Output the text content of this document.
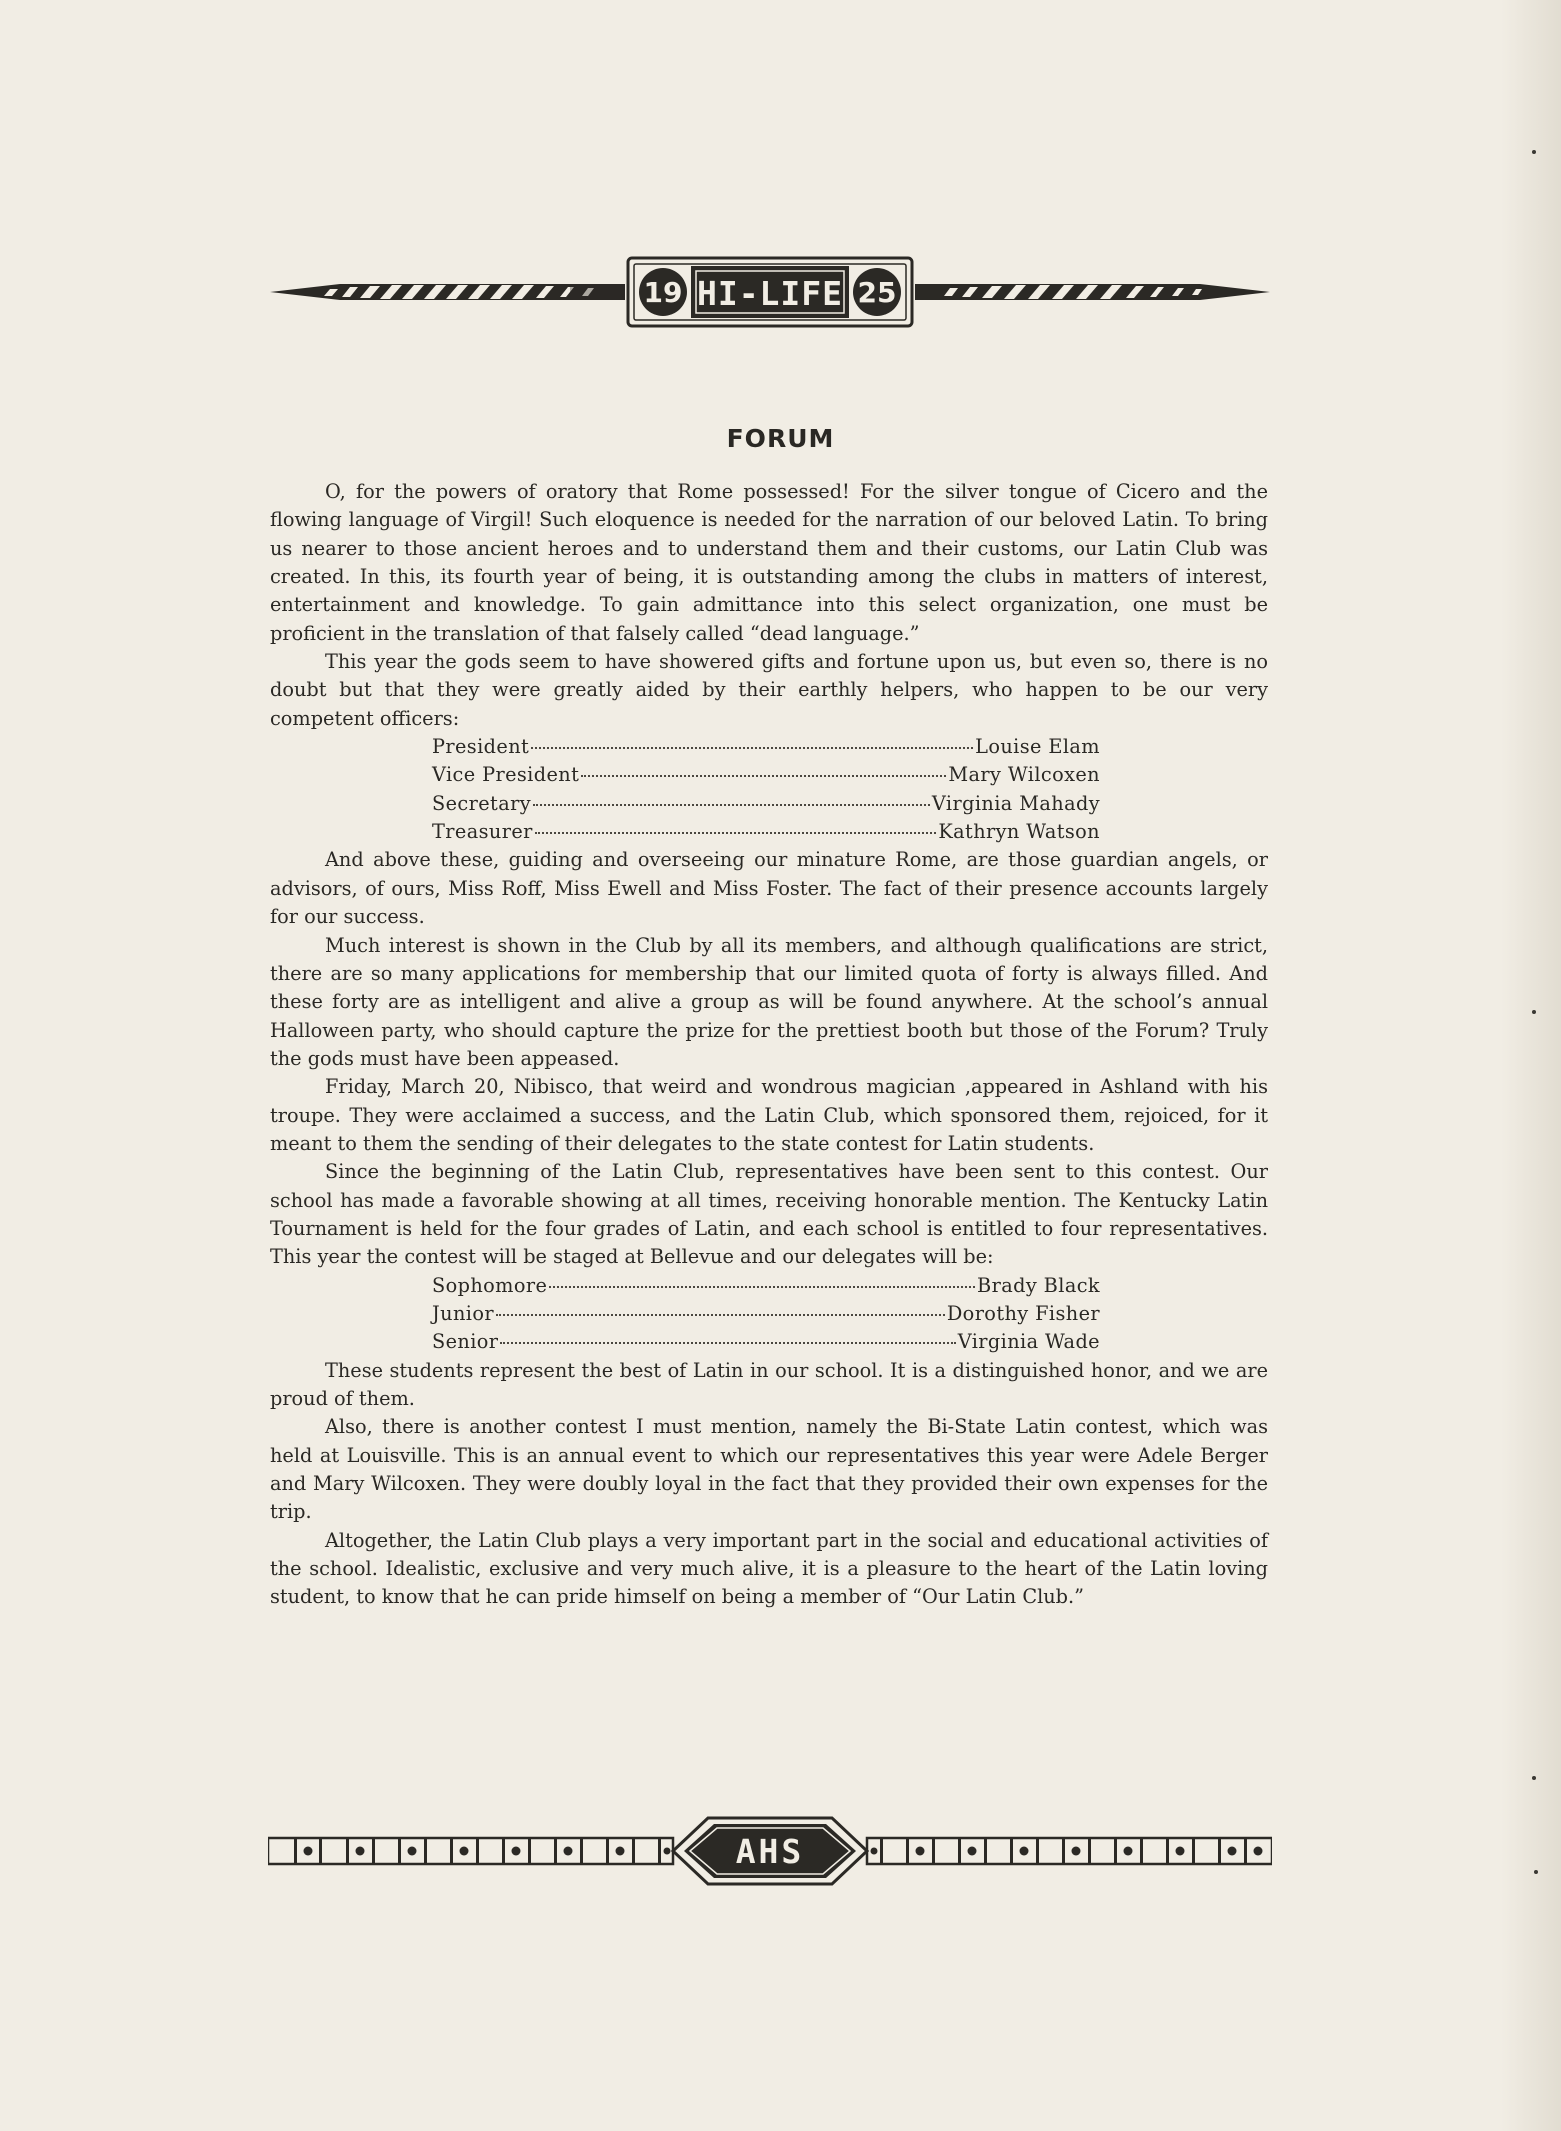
19	25
HI-LIFE
FORUM

O, for the powers of oratory that Rome possessed! For the silver tongue of Cicero and the flowing language of Virgil! Such eloquence is needed for the narration of our beloved Latin. To bring us nearer to those ancient heroes and to understand them and their customs, our Latin Club was created. In this, its fourth year of being, it is outstanding among the clubs in matters of interest, entertainment and knowledge. To gain admittance into this select organization, one must be proficient in the translation of that falsely called “dead language.”

This year the gods seem to have showered gifts and fortune upon us, but even so, there is no doubt but that they were greatly aided by their earthly helpers, who happen to be our very competent officers:

President	Louise Elam
Vice President	Mary Wilcoxen
Secretary	Virginia Mahady
Treasurer	Kathryn Watson

And above these, guiding and overseeing our minature Rome, are those guardian angels, or advisors, of ours, Miss Roff, Miss Ewell and Miss Foster. The fact of their presence accounts largely for our success.

Much interest is shown in the Club by all its members, and although qualifications are strict, there are so many applications for membership that our limited quota of forty is always filled. And these forty are as intelligent and alive a group as will be found anywhere. At the school’s annual Halloween party, who should capture the prize for the prettiest booth but those of the Forum? Truly the gods must have been appeased.

Friday, March 20, Nibisco, that weird and wondrous magician ,appeared in Ashland with his troupe. They were acclaimed a success, and the Latin Club, which sponsored them, rejoiced, for it meant to them the sending of their delegates to the state contest for Latin students.

Since the beginning of the Latin Club, representatives have been sent to this contest. Our school has made a favorable showing at all times, receiving honorable mention. The Kentucky Latin Tournament is held for the four grades of Latin, and each school is entitled to four representatives. This year the contest will be staged at Bellevue and our delegates will be:

Sophomore	Brady Black
Junior	Dorothy Fisher
Senior	Virginia Wade

These students represent the best of Latin in our school. It is a distinguished honor, and we are proud of them.

Also, there is another contest I must mention, namely the Bi-State Latin contest, which was held at Louisville. This is an annual event to which our representatives this year were Adele Berger and Mary Wilcoxen. They were doubly loyal in the fact that they provided their own expenses for the trip.

Altogether, the Latin Club plays a very important part in the social and educational activities of the school. Idealistic, exclusive and very much alive, it is a pleasure to the heart of the Latin loving student, to know that he can pride himself on being a member of “Our Latin Club.”

AHS
